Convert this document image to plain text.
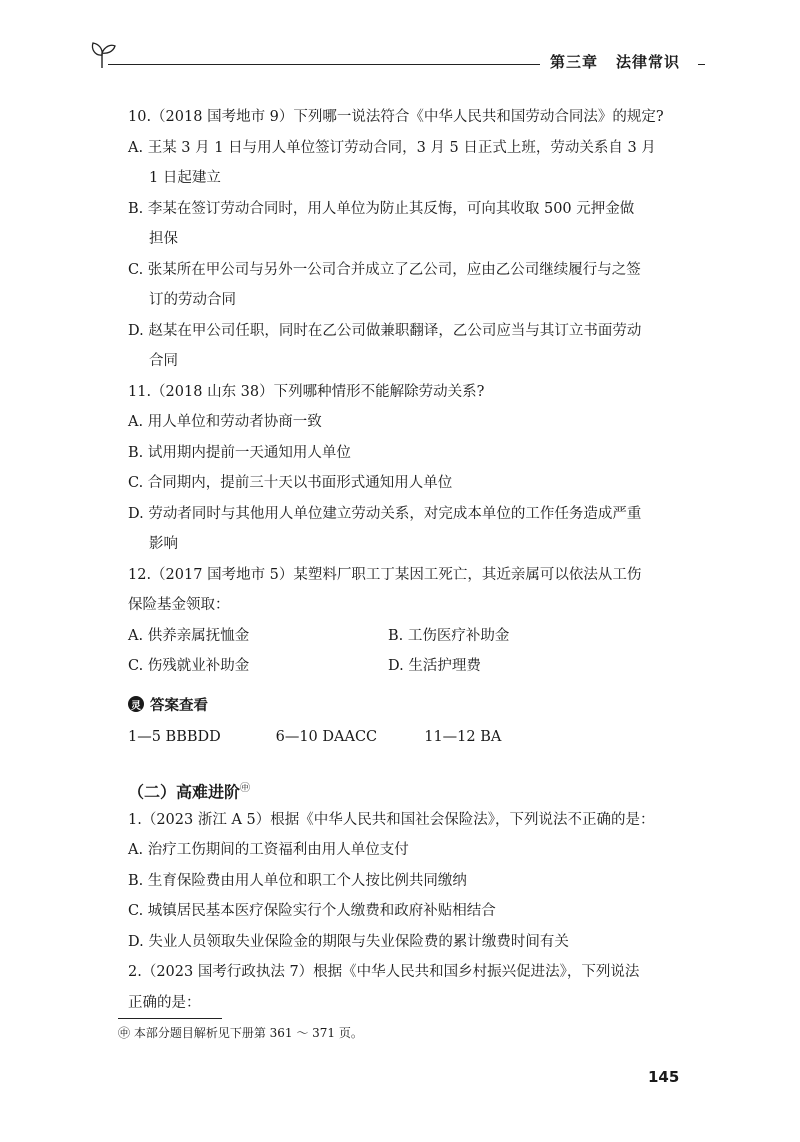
第三章 法律常识
10.（2018 国考地市 9）下列哪一说法符合《中华人民共和国劳动合同法》的规定?
A. 王某 3 月 1 日与用人单位签订劳动合同，3 月 5 日正式上班，劳动关系自 3 月
1 日起建立
B. 李某在签订劳动合同时，用人单位为防止其反悔，可向其收取 500 元押金做
担保
C. 张某所在甲公司与另外一公司合并成立了乙公司，应由乙公司继续履行与之签
订的劳动合同
D. 赵某在甲公司任职，同时在乙公司做兼职翻译，乙公司应当与其订立书面劳动
合同
11.（2018 山东 38）下列哪种情形不能解除劳动关系?
A. 用人单位和劳动者协商一致
B. 试用期内提前一天通知用人单位
C. 合同期内，提前三十天以书面形式通知用人单位
D. 劳动者同时与其他用人单位建立劳动关系，对完成本单位的工作任务造成严重
影响
12.（2017 国考地市 5）某塑料厂职工丁某因工死亡，其近亲属可以依法从工伤
保险基金领取：
A. 供养亲属抚恤金	B. 工伤医疗补助金
C. 伤残就业补助金	D. 生活护理费
灵 答案查看
1—5 BBBDD	6—10 DAACC	11—12 BA
（二）高难进阶㊥
1.（2023 浙江 A 5）根据《中华人民共和国社会保险法》，下列说法不正确的是：
A. 治疗工伤期间的工资福利由用人单位支付
B. 生育保险费由用人单位和职工个人按比例共同缴纳
C. 城镇居民基本医疗保险实行个人缴费和政府补贴相结合
D. 失业人员领取失业保险金的期限与失业保险费的累计缴费时间有关
2.（2023 国考行政执法 7）根据《中华人民共和国乡村振兴促进法》，下列说法
正确的是：
㊥ 本部分题目解析见下册第 361 ～ 371 页。
145
